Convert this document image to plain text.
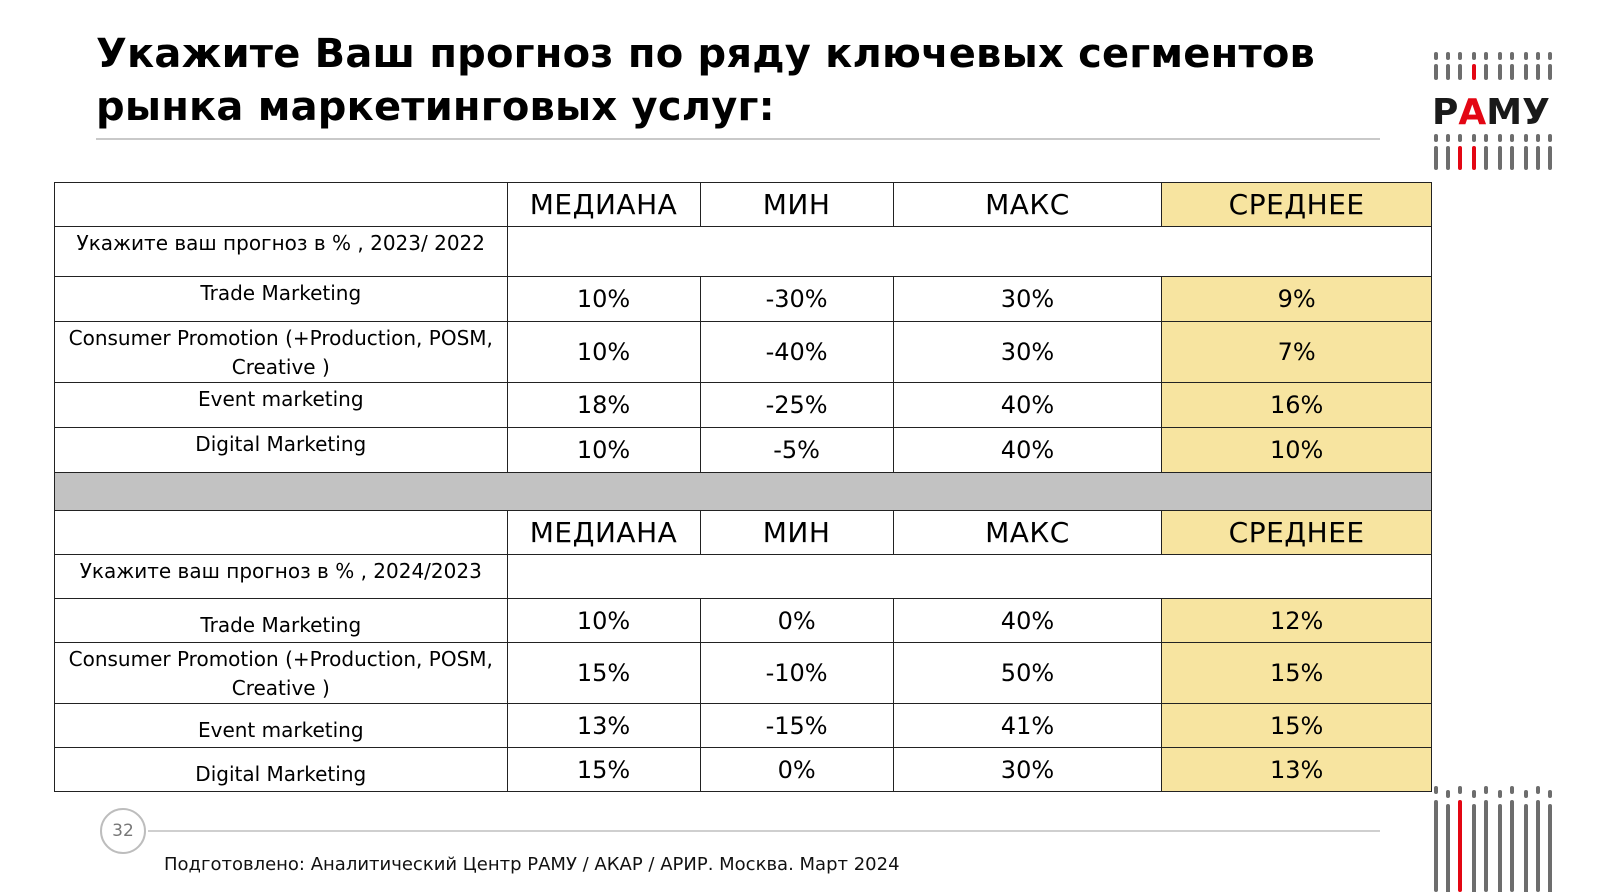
Укажите Ваш прогноз по ряду ключевых сегментов рынка маркетинговых услуг:	РАМУ
	МЕДИАНА	МИН	МАКС	СРЕДНЕЕ
Укажите ваш прогноз в % , 2023/ 2022				
Trade Marketing	10%	-30%	30%	9%
Consumer Promotion (+Production, POSM, Creative )	10%	-40%	30%	7%
Event marketing	18%	-25%	40%	16%
Digital Marketing	10%	-5%	40%	10%

	МЕДИАНА	МИН	МАКС	СРЕДНЕЕ
Укажите ваш прогноз в % , 2024/2023				
Trade Marketing	10%	0%	40%	12%
Consumer Promotion (+Production, POSM, Creative )	15%	-10%	50%	15%
Event marketing	13%	-15%	41%	15%
Digital Marketing	15%	0%	30%	13%
32
Подготовлено: Аналитический Центр РАМУ / АКАР / АРИР. Москва. Март 2024
